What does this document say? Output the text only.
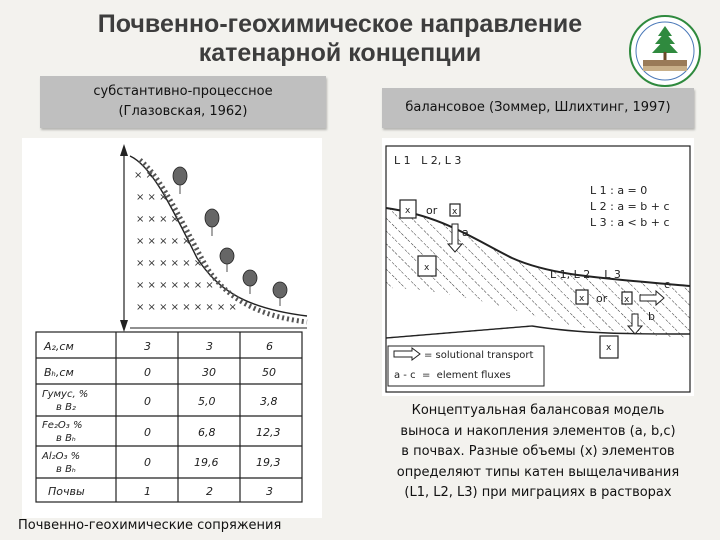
Почвенно-геохимическое направление
катенарной концепции
субстантивно-процессное
(Глазовская, 1962)	балансовое (Зоммер, Шлихтинг, 1997)
× ×
× × ×
× × × ×
× × × × ×
× × × × × ×
× × × × × × ×
× × × × × × × × ×
A₂,см	3	3	6
Bₕ,см	0	30	50
Гумус, %
в B₂	0	5,0	3,8
Fe₂O₃ %
в Bₕ	0	6,8	12,3
Al₂O₃ %
в Bₕ
0	19,6	19,3
Почвы	1	2	3
L 1   L 2, L 3
L 1 : a = 0
L 2 : a = b + c
L 3 : a < b + c
L 1, L 2    L 3
x	x
x
x	x
x
or
or
a
b
c
= solutional transport
a - c  =  element fluxes
Концептуальная балансовая модель
выноса и накопления элементов (a, b,c)
в почвах. Разные объемы (x) элементов
определяют типы катен выщелачивания
(L1, L2, L3) при миграциях в растворах
Почвенно-геохимические сопряжения
